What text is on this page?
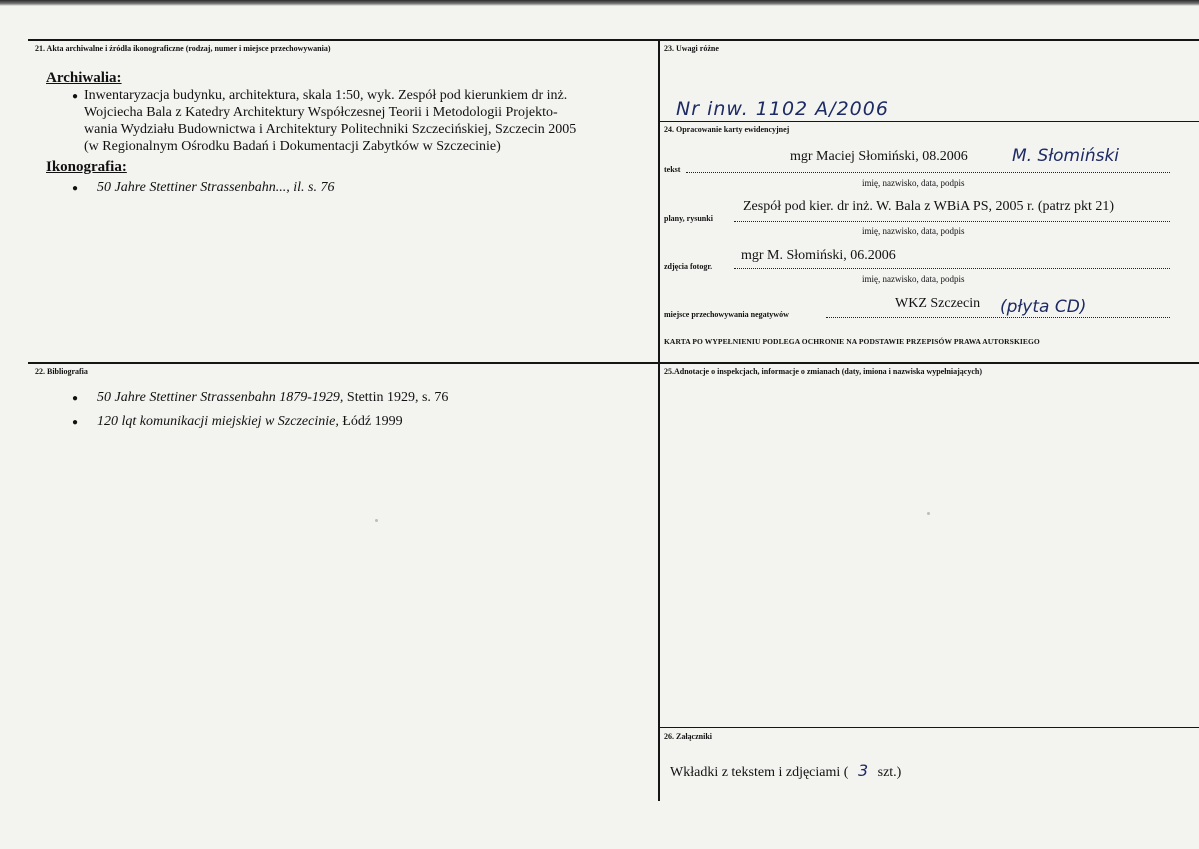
21. Akta archiwalne i źródła ikonograficzne (rodzaj, numer i miejsce przechowywania)
Archiwalia:
● Inwentaryzacja budynku, architektura, skala 1:50, wyk. Zespół pod kierunkiem dr inż.
Wojciecha Bala z Katedry Architektury Współczesnej Teorii i Metodologii Projekto-
wania Wydziału Budownictwa i Architektury Politechniki Szczecińskiej, Szczecin 2005
(w Regionalnym Ośrodku Badań i Dokumentacji Zabytków w Szczecinie)
Ikonografia:
● 50 Jahre Stettiner Strassenbahn..., il. s. 76
22. Bibliografia
● 50 Jahre Stettiner Strassenbahn 1879-1929, Stettin 1929, s. 76
● 120 lqt komunikacji miejskiej w Szczecinie, Łódź 1999
23. Uwagi różne
Nr inw. 1102 A/2006
24. Opracowanie karty ewidencyjnej
tekst
mgr Maciej Słomiński, 08.2006	M. Słomiński
imię, nazwisko, data, podpis
plany, rysunki
Zespół pod kier. dr inż. W. Bala z WBiA PS, 2005 r. (patrz pkt 21)
imię, nazwisko, data, podpis
zdjęcia fotogr.
mgr M. Słomiński, 06.2006
imię, nazwisko, data, podpis
miejsce przechowywania negatywów
WKZ Szczecin (płyta CD)
KARTA PO WYPEŁNIENIU PODLEGA OCHRONIE NA PODSTAWIE PRZEPISÓW PRAWA AUTORSKIEGO
25.Adnotacje o inspekcjach, informacje o zmianach (daty, imiona i nazwiska wypełniających)
26. Załączniki
Wkładki z tekstem i zdjęciami ( 3 szt.)
